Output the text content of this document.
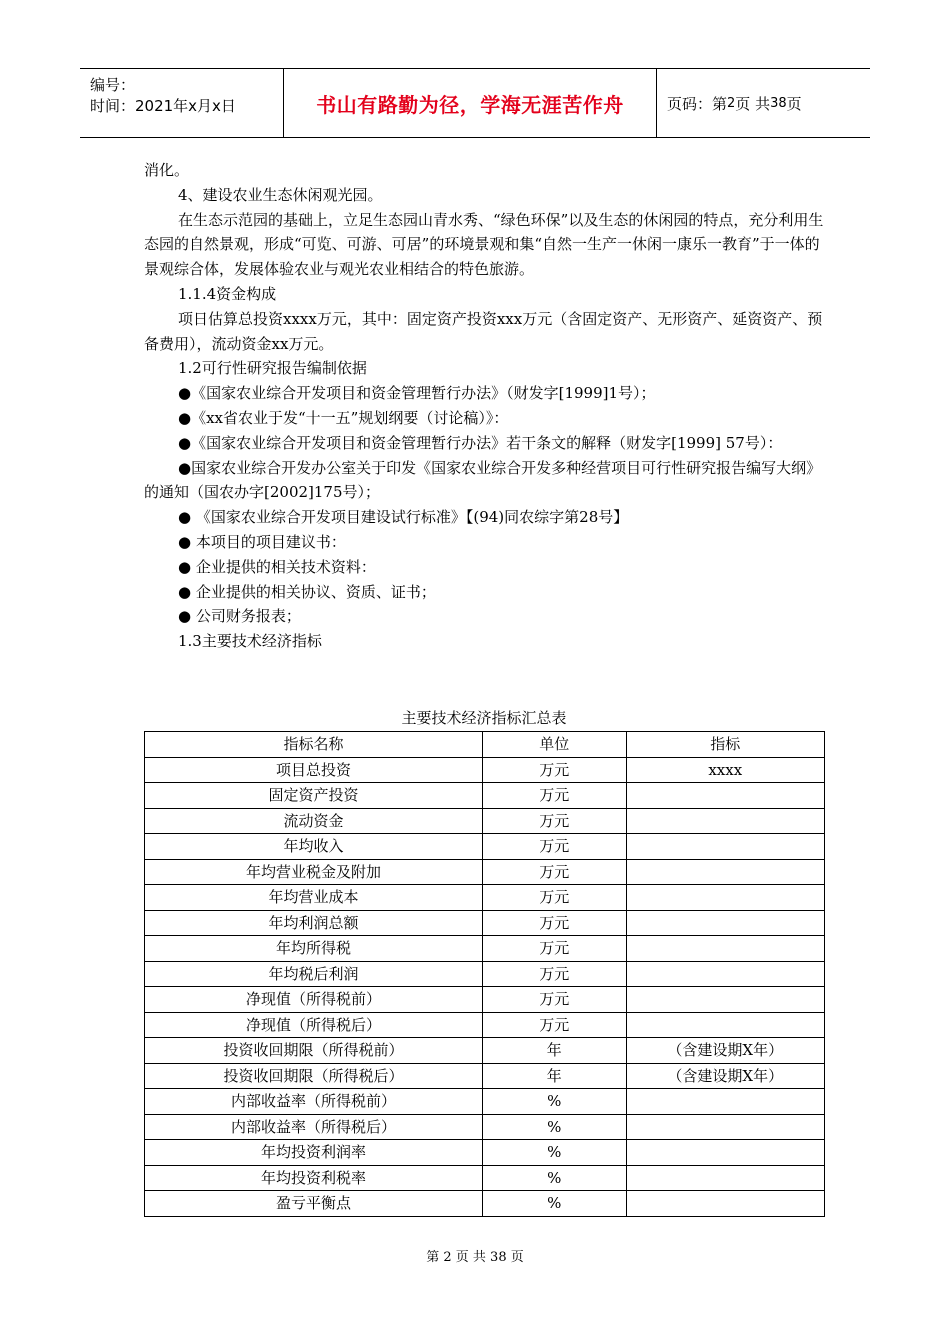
编号：
时间：2021年x月x日	书山有路勤为径，学海无涯苦作舟	页码：第 2 页 共 38 页

消化。

4、建设农业生态休闲观光园。

在生态示范园的基础上，立足生态园山青水秀、“绿色环保”以及生态的休闲园的特点，充分利用生态园的自然景观，形成“可览、可游、可居”的环境景观和集“自然一生产一休闲一康乐一教育”于一体的景观综合体，发展体验农业与观光农业相结合的特色旅游。

1.1.4资金构成

项日估算总投资xxxx万元，其中：固定资产投资xxx万元（含固定资产、无形资产、延资资产、预备费用），流动资金xx万元。

1.2可行性研究报告编制依据

●《国家农业综合开发项目和资金管理暂行办法》（财发字[1999]1号）；

●《xx省农业于发“十一五”规划纲要（讨论稿）》：

●《国家农业综合开发项目和资金管理暂行办法》若干条文的解释（财发字[1999] 57号）：

●国家农业综合开发办公室关于印发《国家农业综合开发多种经营项目可行性研究报告编写大纲》的通知（国农办字[2002]175号）；

● 《国家农业综合开发项目建设试行标准》【(94)同农综字第28号】

● 本项目的项目建议书：

● 企业提供的相关技术资料：

● 企业提供的相关协议、资质、证书；

● 公司财务报表；

1.3主要技术经济指标

主要技术经济指标汇总表
指标名称	单位	指标
项目总投资	万元	xxxx
固定资产投资	万元	
流动资金	万元	
年均收入	万元	
年均营业税金及附加	万元	
年均营业成本	万元	
年均利润总额	万元	
年均所得税	万元	
年均税后利润	万元	
净现值（所得税前）	万元	
净现值（所得税后）	万元	
投资收回期限（所得税前）	年	（含建设期X年）
投资收回期限（所得税后）	年	（含建设期X年）
内部收益率（所得税前）	%	
内部收益率（所得税后）	%	
年均投资利润率	%	
年均投资利税率	%	
盈亏平衡点	%	
第 2 页 共 38 页
